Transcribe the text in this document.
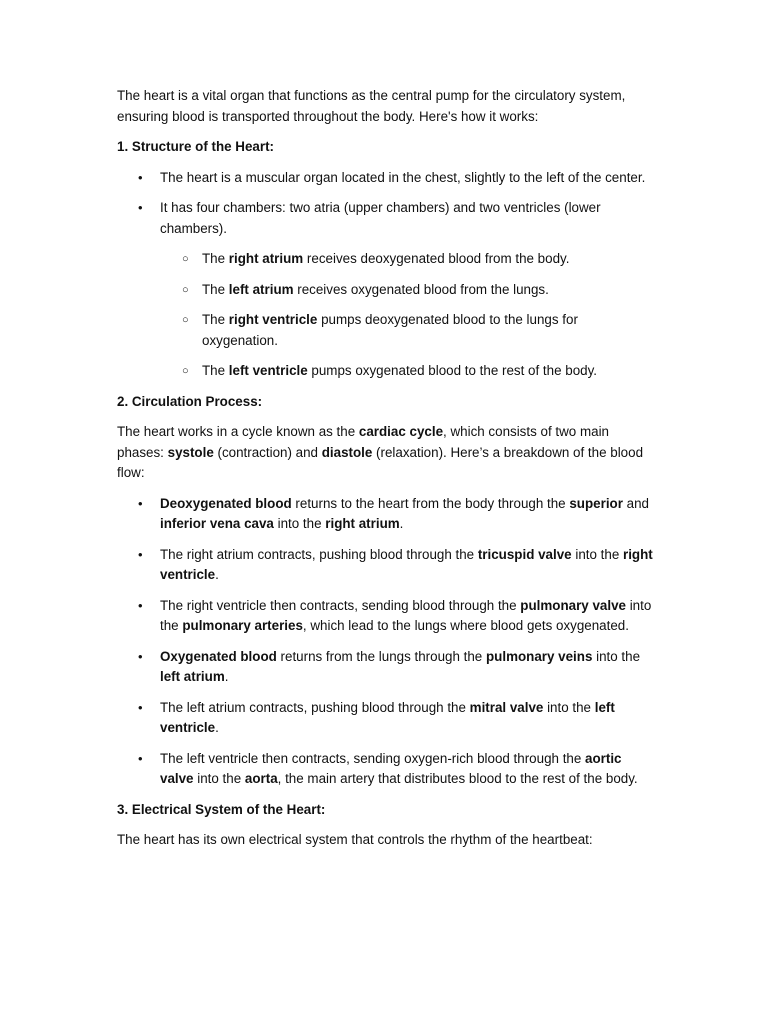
The heart is a vital organ that functions as the central pump for the circulatory system, ensuring blood is transported throughout the body. Here's how it works:

1. Structure of the Heart:

•	The heart is a muscular organ located in the chest, slightly to the left of the center.
•	It has four chambers: two atria (upper chambers) and two ventricles (lower chambers).
○ The right atrium receives deoxygenated blood from the body.
○ The left atrium receives oxygenated blood from the lungs.
○ The right ventricle pumps deoxygenated blood to the lungs for oxygenation.
○ The left ventricle pumps oxygenated blood to the rest of the body.

2. Circulation Process:

The heart works in a cycle known as the cardiac cycle, which consists of two main phases: systole (contraction) and diastole (relaxation). Here’s a breakdown of the blood flow:

•	Deoxygenated blood returns to the heart from the body through the superior and inferior vena cava into the right atrium.
•	The right atrium contracts, pushing blood through the tricuspid valve into the right ventricle.
•	The right ventricle then contracts, sending blood through the pulmonary valve into the pulmonary arteries, which lead to the lungs where blood gets oxygenated.
•	Oxygenated blood returns from the lungs through the pulmonary veins into the left atrium.
•	The left atrium contracts, pushing blood through the mitral valve into the left ventricle.
•	The left ventricle then contracts, sending oxygen-rich blood through the aortic valve into the aorta, the main artery that distributes blood to the rest of the body.

3. Electrical System of the Heart:

The heart has its own electrical system that controls the rhythm of the heartbeat:
